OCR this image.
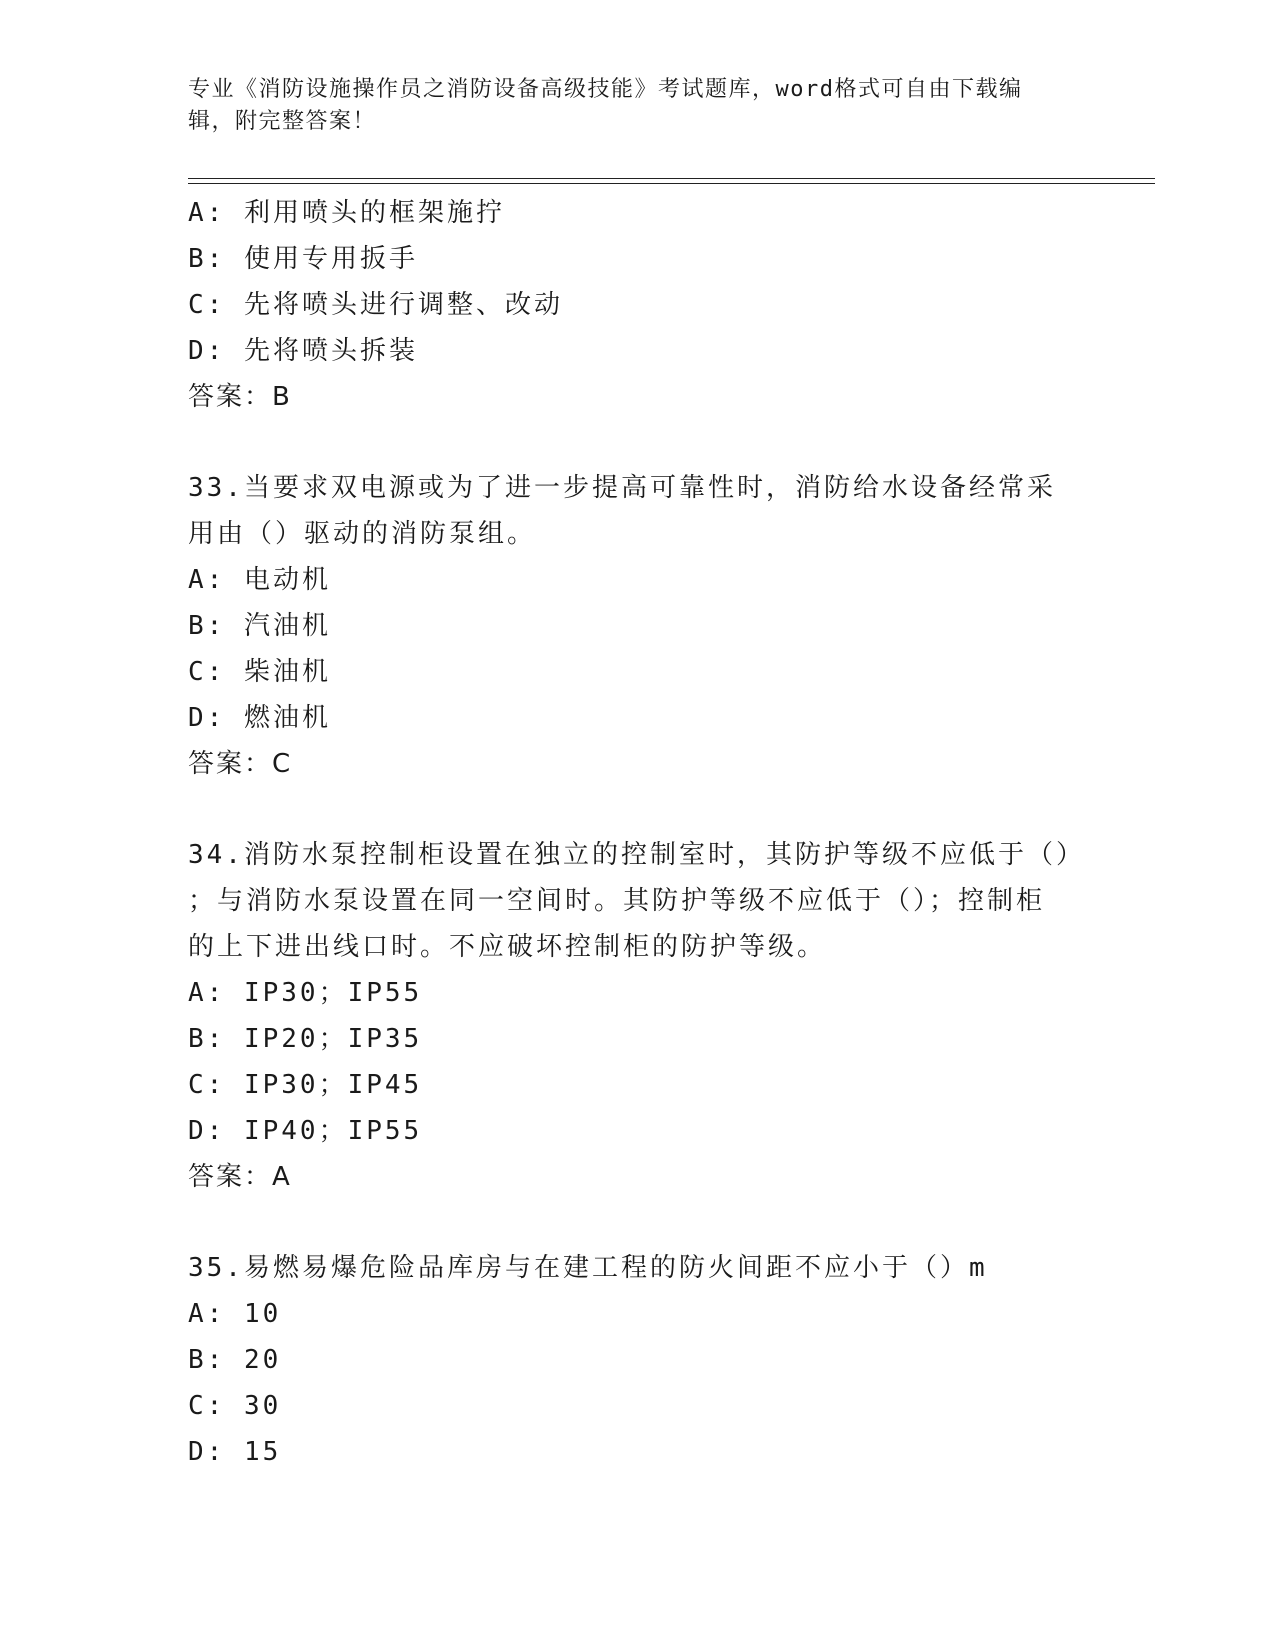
专业《消防设施操作员之消防设备高级技能》考试题库，word格式可自由下载编辑，附完整答案！
A: 利用喷头的框架施拧
B: 使用专用扳手
C: 先将喷头进行调整、改动
D: 先将喷头拆装
答案：B
33.当要求双电源或为了进一步提高可靠性时，消防给水设备经常采用由（）驱动的消防泵组。
A: 电动机
B: 汽油机
C: 柴油机
D: 燃油机
答案：C
34.消防水泵控制柜设置在独立的控制室时，其防护等级不应低于（）
；与消防水泵设置在同一空间时。其防护等级不应低于（）；控制柜
的上下进出线口时。不应破坏控制柜的防护等级。
A: IP30；IP55
B: IP20；IP35
C: IP30；IP45
D: IP40；IP55
答案：A
35.易燃易爆危险品库房与在建工程的防火间距不应小于（）m
A: 10
B: 20
C: 30
D: 15
